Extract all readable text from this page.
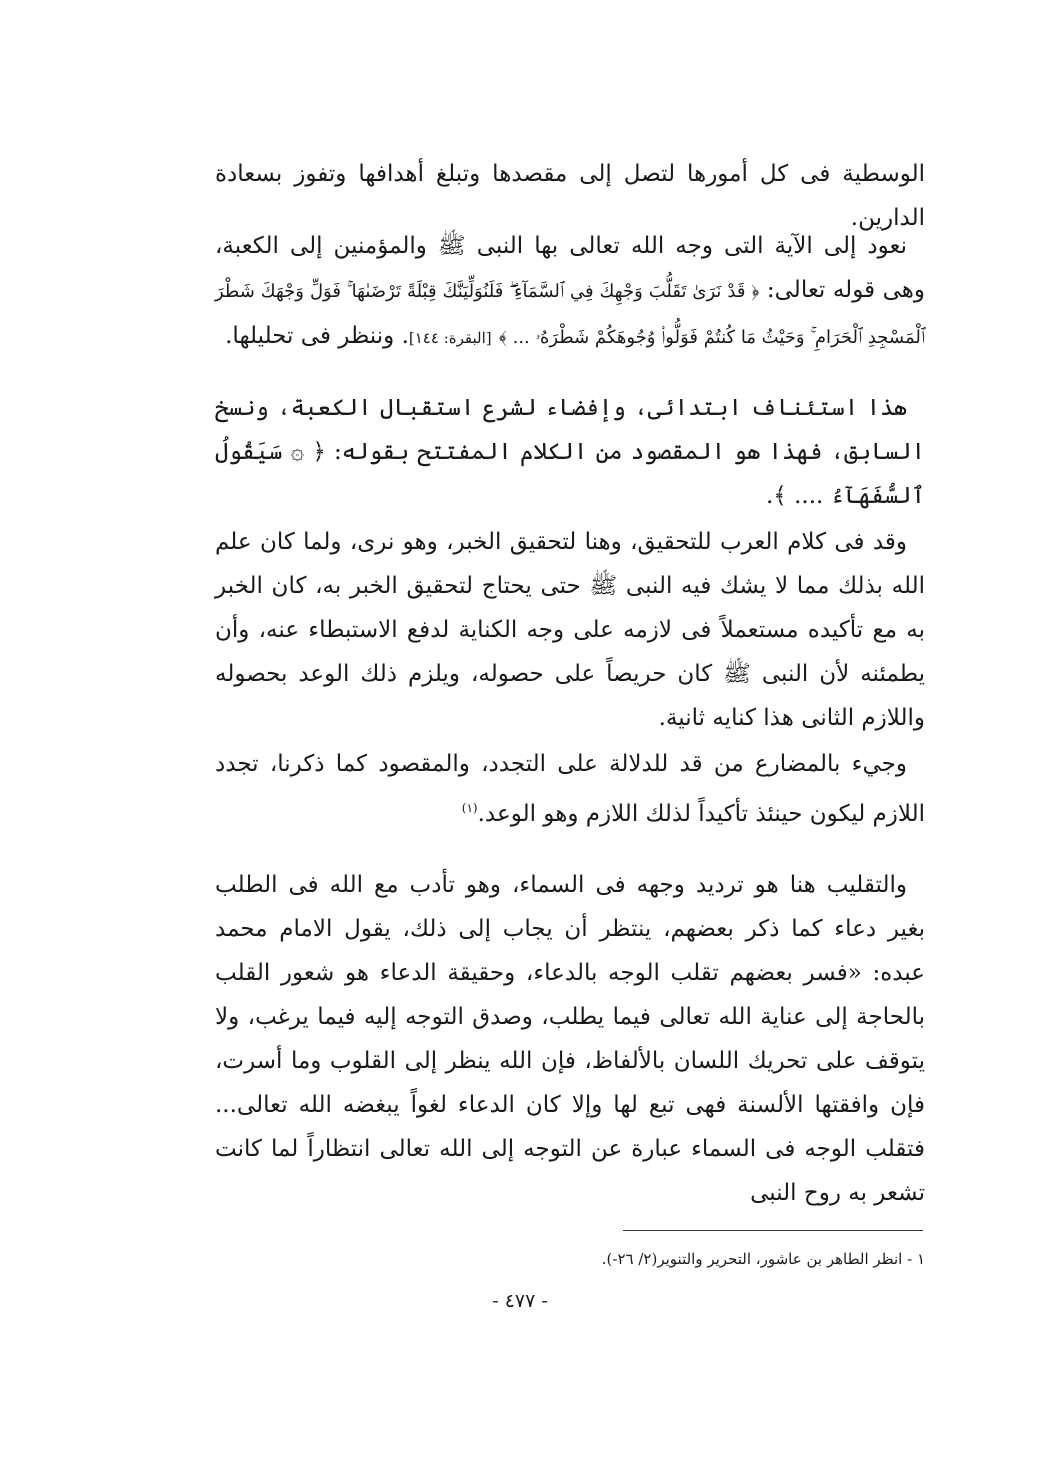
الوسطية فى كل أمورها لتصل إلى مقصدها وتبلغ أهدافها وتفوز بسعادة الدارين.
نعود إلى الآية التى وجه الله تعالى بها النبى ﷺ والمؤمنين إلى الكعبة، وهى قوله تعالى: ﴿ قَدْ نَرَىٰ تَقَلُّبَ وَجْهِكَ فِي ٱلسَّمَآءِ ۖ فَلَنُوَلِّيَنَّكَ قِبْلَةً تَرْضَىٰهَا ۚ فَوَلِّ وَجْهَكَ شَطْرَ ٱلْمَسْجِدِ ٱلْحَرَامِ ۚ وَحَيْثُ مَا كُنتُمْ فَوَلُّوا۟ وُجُوهَكُمْ شَطْرَهُۥ ... ﴾ [البقرة: ١٤٤]. وننظر فى تحليلها.
هذا استئناف ابتدائى، وإفضاء لشرع استقبال الكعبة، ونسخ السابق، فهذا هو المقصود من الكلام المفتتح بقوله: ﴿ ۞ سَيَقُولُ ٱلسُّفَهَآءُ .... ﴾.
وقد فى كلام العرب للتحقيق، وهنا لتحقيق الخبر، وهو نرى، ولما كان علم الله بذلك مما لا يشك فيه النبى ﷺ حتى يحتاج لتحقيق الخبر به، كان الخبر به مع تأكيده مستعملاً فى لازمه على وجه الكناية لدفع الاستبطاء عنه، وأن يطمئنه لأن النبى ﷺ كان حريصاً على حصوله، ويلزم ذلك الوعد بحصوله واللازم الثانى هذا كنايه ثانية.
وجيء بالمضارع من قد للدلالة على التجدد، والمقصود كما ذكرنا، تجدد اللازم ليكون حينئذ تأكيداً لذلك اللازم وهو الوعد.$^{(١)}$
والتقليب هنا هو ترديد وجهه فى السماء، وهو تأدب مع الله فى الطلب بغير دعاء كما ذكر بعضهم، ينتظر أن يجاب إلى ذلك، يقول الامام محمد عبده: «فسر بعضهم تقلب الوجه بالدعاء، وحقيقة الدعاء هو شعور القلب بالحاجة إلى عناية الله تعالى فيما يطلب، وصدق التوجه إليه فيما يرغب، ولا يتوقف على تحريك اللسان بالألفاظ، فإن الله ينظر إلى القلوب وما أسرت، فإن وافقتها الألسنة فهى تبع لها وإلا كان الدعاء لغواً يبغضه الله تعالى... فتقلب الوجه فى السماء عبارة عن التوجه إلى الله تعالى انتظاراً لما كانت تشعر به روح النبى
١ - انظر الطاهر بن عاشور، التحرير والتنوير(٢/ ٢٦-).
- ٤٧٧ -
